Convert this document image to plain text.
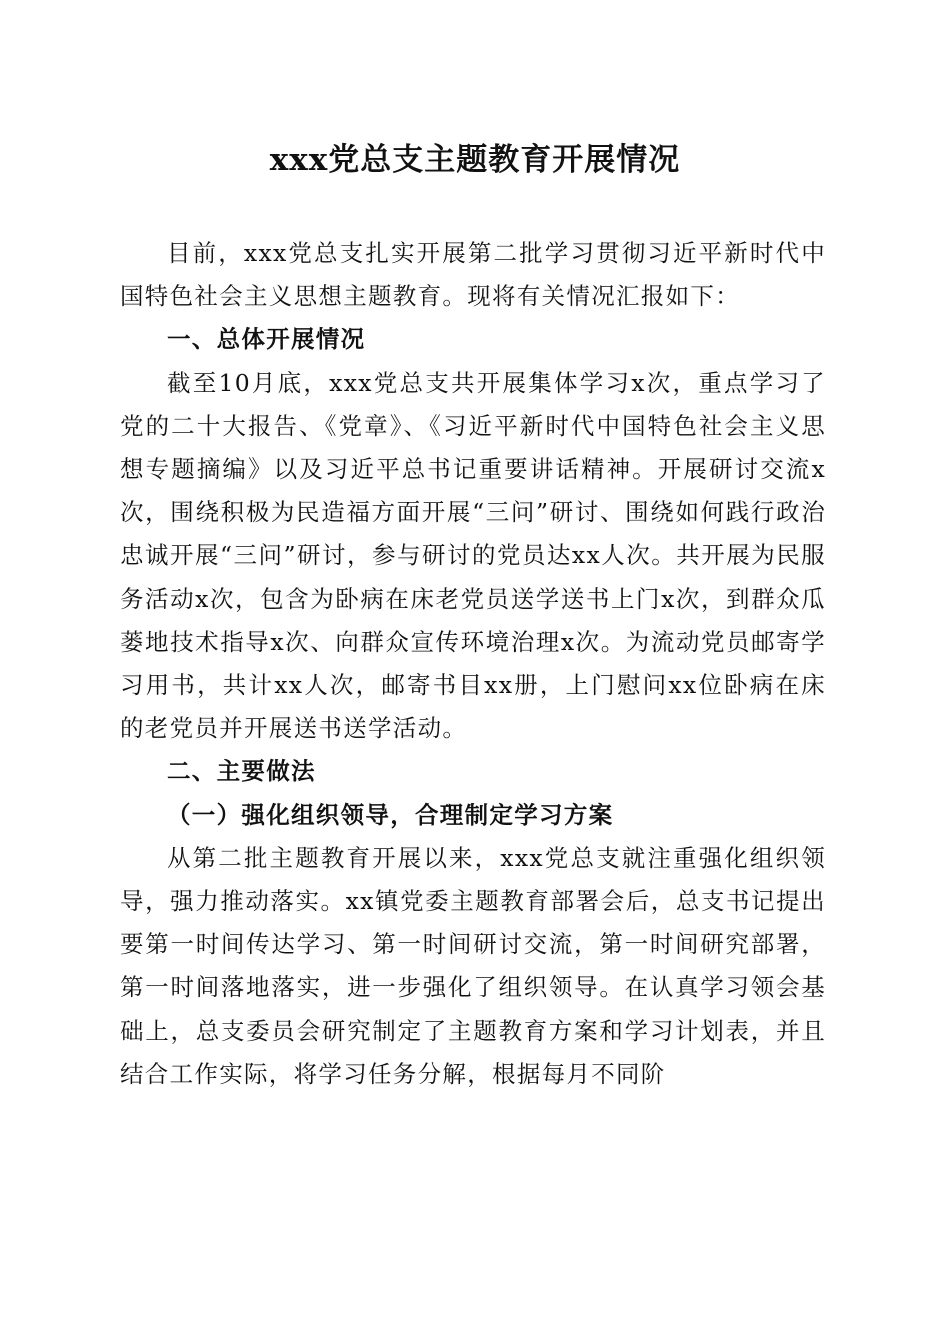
xxx党总支主题教育开展情况

目前，xxx党总支扎实开展第二批学习贯彻习近平新时代中国特色社会主义思想主题教育。现将有关情况汇报如下：

一、总体开展情况

截至10月底，xxx党总支共开展集体学习x次，重点学习了党的二十大报告、《党章》、《习近平新时代中国特色社会主义思想专题摘编》以及习近平总书记重要讲话精神。开展研讨交流x次，围绕积极为民造福方面开展“三问”研讨、围绕如何践行政治忠诚开展“三问”研讨，参与研讨的党员达xx人次。共开展为民服务活动x次，包含为卧病在床老党员送学送书上门x次，到群众瓜蒌地技术指导x次、向群众宣传环境治理x次。为流动党员邮寄学习用书，共计xx人次，邮寄书目xx册，上门慰问xx位卧病在床的老党员并开展送书送学活动。

二、主要做法
（一）强化组织领导，合理制定学习方案

从第二批主题教育开展以来，xxx党总支就注重强化组织领导，强力推动落实。xx镇党委主题教育部署会后，总支书记提出要第一时间传达学习、第一时间研讨交流，第一时间研究部署，第一时间落地落实，进一步强化了组织领导。在认真学习领会基础上，总支委员会研究制定了主题教育方案和学习计划表，并且结合工作实际，将学习任务分解，根据每月不同阶
